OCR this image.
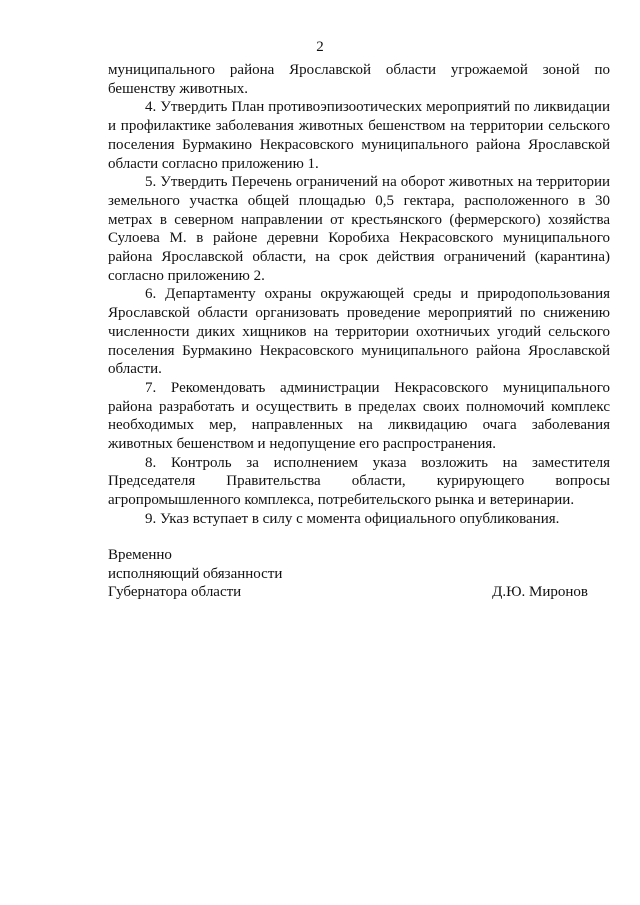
2

муниципального района Ярославской области угрожаемой зоной по бешенству животных.

4. Утвердить План противоэпизоотических мероприятий по ликвидации и профилактике заболевания животных бешенством на территории сельского поселения Бурмакино Некрасовского муниципального района Ярославской области согласно приложению 1.

5. Утвердить Перечень ограничений на оборот животных на территории земельного участка общей площадью 0,5 гектара, расположенного в 30 метрах в северном направлении от крестьянского (фермерского) хозяйства Сулоева М. в районе деревни Коробиха Некрасовского муниципального района Ярославской области, на срок действия ограничений (карантина) согласно приложению 2.

6. Департаменту охраны окружающей среды и природопользования Ярославской области организовать проведение мероприятий по снижению численности диких хищников на территории охотничьих угодий сельского поселения Бурмакино Некрасовского муниципального района Ярославской области.

7. Рекомендовать администрации Некрасовского муниципального района разработать и осуществить в пределах своих полномочий комплекс необходимых мер, направленных на ликвидацию очага заболевания животных бешенством и недопущение его распространения.

8. Контроль за исполнением указа возложить на заместителя Председателя Правительства области, курирующего вопросы агропромышленного комплекса, потребительского рынка и ветеринарии.

9. Указ вступает в силу с момента официального опубликования.

Временно
исполняющий обязанности
Губернатора области	Д.Ю. Миронов
